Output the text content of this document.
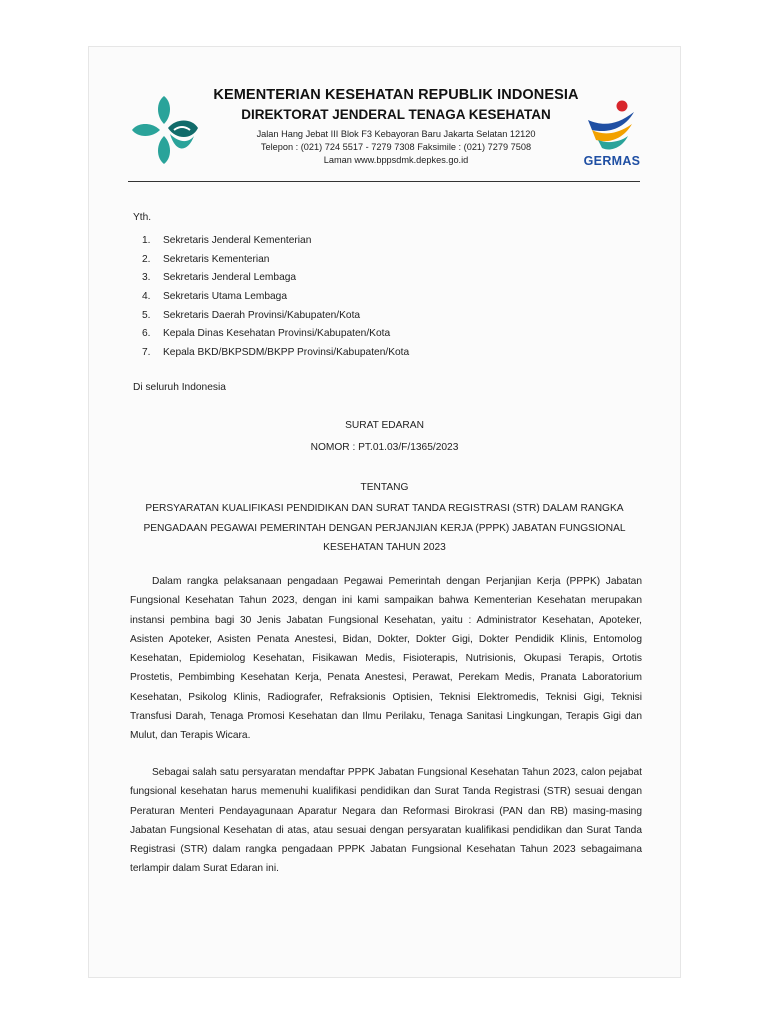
KEMENTERIAN KESEHATAN REPUBLIK INDONESIA
DIREKTORAT JENDERAL TENAGA KESEHATAN
Jalan Hang Jebat III Blok F3 Kebayoran Baru Jakarta Selatan 12120
Telepon : (021) 724 5517 - 7279 7308 Faksimile : (021) 7279 7508
Laman www.bppsdmk.depkes.go.id	GERMAS
Yth.
1. Sekretaris Jenderal Kementerian
2. Sekretaris Kementerian
3. Sekretaris Jenderal Lembaga
4. Sekretaris Utama Lembaga
5. Sekretaris Daerah Provinsi/Kabupaten/Kota
6. Kepala Dinas Kesehatan Provinsi/Kabupaten/Kota
7. Kepala BKD/BKPSDM/BKPP Provinsi/Kabupaten/Kota
Di seluruh Indonesia
SURAT EDARAN
NOMOR : PT.01.03/F/1365/2023
TENTANG
PERSYARATAN KUALIFIKASI PENDIDIKAN DAN SURAT TANDA REGISTRASI (STR) DALAM RANGKA
PENGADAAN PEGAWAI PEMERINTAH DENGAN PERJANJIAN KERJA (PPPK) JABATAN FUNGSIONAL
KESEHATAN TAHUN 2023
Dalam rangka pelaksanaan pengadaan Pegawai Pemerintah dengan Perjanjian Kerja (PPPK) Jabatan Fungsional Kesehatan Tahun 2023, dengan ini kami sampaikan bahwa Kementerian Kesehatan merupakan instansi pembina bagi 30 Jenis Jabatan Fungsional Kesehatan, yaitu : Administrator Kesehatan, Apoteker, Asisten Apoteker, Asisten Penata Anestesi, Bidan, Dokter, Dokter Gigi, Dokter Pendidik Klinis, Entomolog Kesehatan, Epidemiolog Kesehatan, Fisikawan Medis, Fisioterapis, Nutrisionis, Okupasi Terapis, Ortotis Prostetis, Pembimbing Kesehatan Kerja, Penata Anestesi, Perawat, Perekam Medis, Pranata Laboratorium Kesehatan, Psikolog Klinis, Radiografer, Refraksionis Optisien, Teknisi Elektromedis, Teknisi Gigi, Teknisi Transfusi Darah, Tenaga Promosi Kesehatan dan Ilmu Perilaku, Tenaga Sanitasi Lingkungan, Terapis Gigi dan Mulut, dan Terapis Wicara.
Sebagai salah satu persyaratan mendaftar PPPK Jabatan Fungsional Kesehatan Tahun 2023, calon pejabat fungsional kesehatan harus memenuhi kualifikasi pendidikan dan Surat Tanda Registrasi (STR) sesuai dengan Peraturan Menteri Pendayagunaan Aparatur Negara dan Reformasi Birokrasi (PAN dan RB) masing-masing Jabatan Fungsional Kesehatan di atas, atau sesuai dengan persyaratan kualifikasi pendidikan dan Surat Tanda Registrasi (STR) dalam rangka pengadaan PPPK Jabatan Fungsional Kesehatan Tahun 2023 sebagaimana terlampir dalam Surat Edaran ini.
